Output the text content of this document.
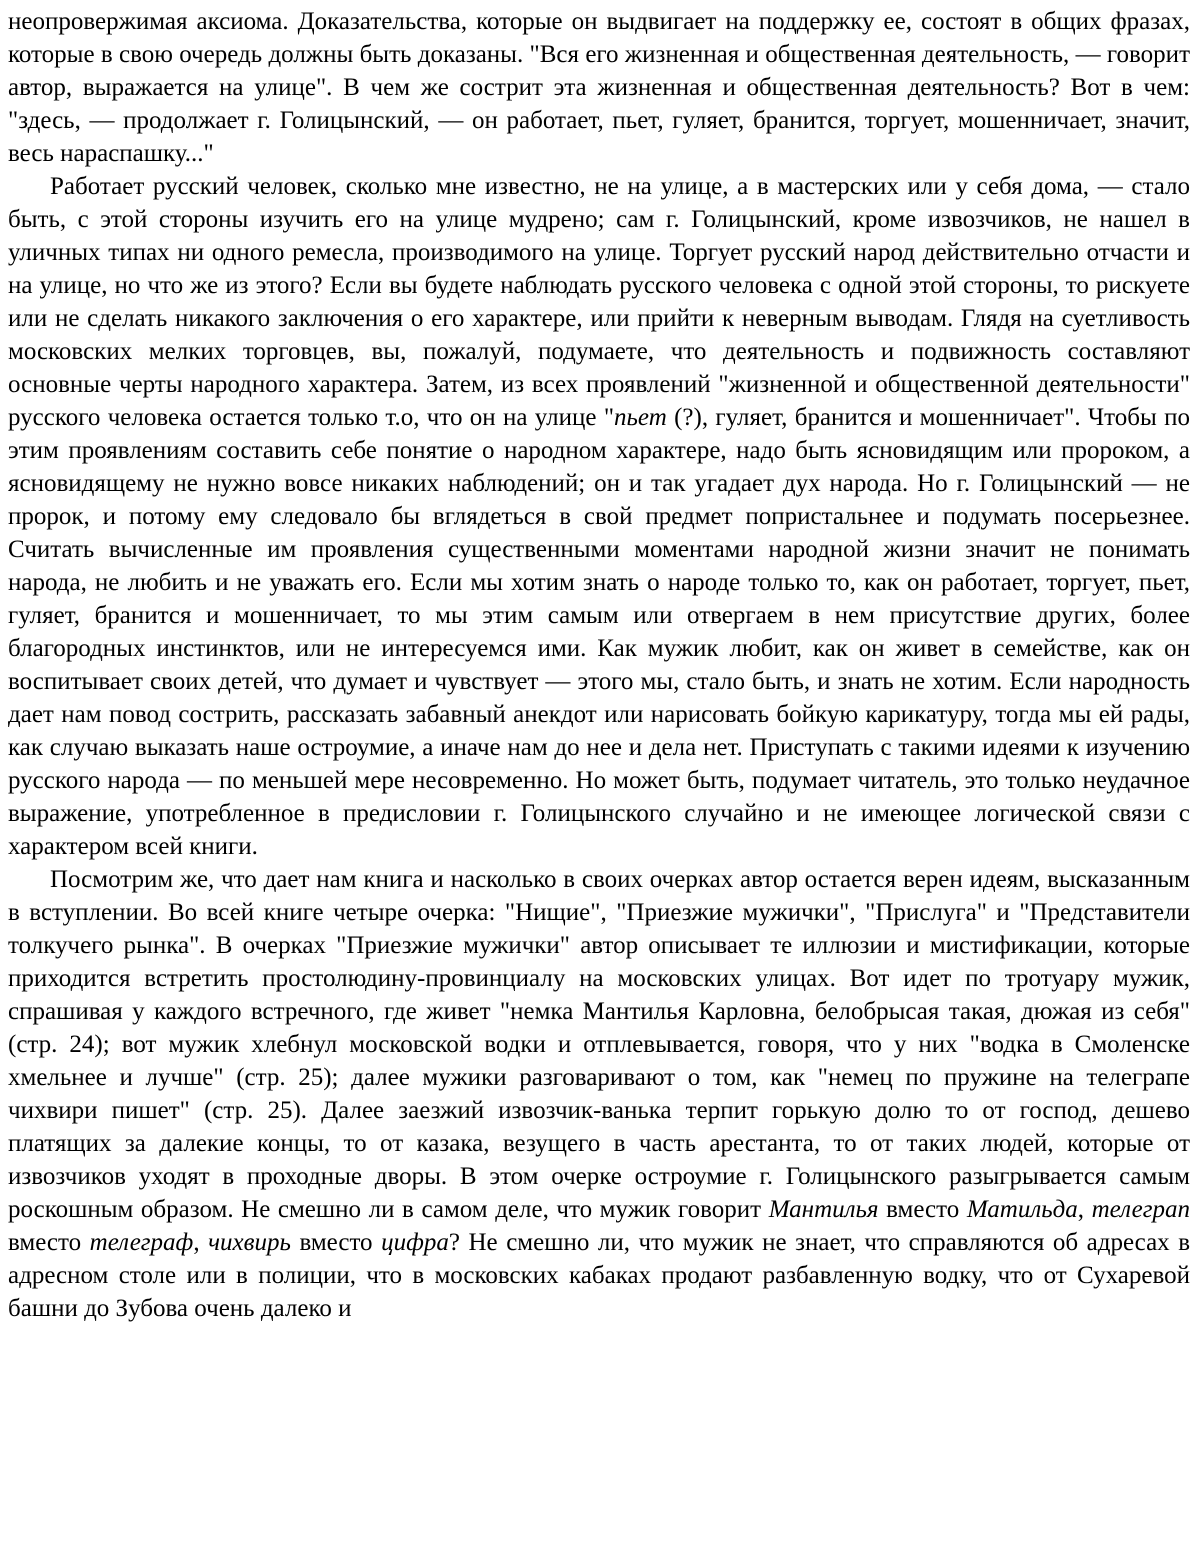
неопровержимая аксиома. Доказательства, которые он выдвигает на поддержку ее, состоят в общих фразах, которые в свою очередь должны быть доказаны. "Вся его жизненная и общественная деятельность, — говорит автор, выражается на улице". В чем же сострит эта жизненная и общественная деятельность? Вот в чем: "здесь, — продолжает г. Голицынский, — он работает, пьет, гуляет, бранится, торгует, мошенничает, значит, весь нараспашку..."

Работает русский человек, сколько мне известно, не на улице, а в мастерских или у себя дома, — стало быть, с этой стороны изучить его на улице мудрено; сам г. Голицынский, кроме извозчиков, не нашел в уличных типах ни одного ремесла, производимого на улице. Торгует русский народ действительно отчасти и на улице, но что же из этого? Если вы будете наблюдать русского человека с одной этой стороны, то рискуете или не сделать никакого заключения о его характере, или прийти к неверным выводам. Глядя на суетливость московских мелких торговцев, вы, пожалуй, подумаете, что деятельность и подвижность составляют основные черты народного характера. Затем, из всех проявлений "жизненной и общественной деятельности" русского человека остается только т.о, что он на улице "пьет (?), гуляет, бранится и мошенничает". Чтобы по этим проявлениям составить себе понятие о народном характере, надо быть ясновидящим или пророком, а ясновидящему не нужно вовсе никаких наблюдений; он и так угадает дух народа. Но г. Голицынский — не пророк, и потому ему следовало бы вглядеться в свой предмет попристальнее и подумать посерьезнее. Считать вычисленные им проявления существенными моментами народной жизни значит не понимать народа, не любить и не уважать его. Если мы хотим знать о народе только то, как он работает, торгует, пьет, гуляет, бранится и мошенничает, то мы этим самым или отвергаем в нем присутствие других, более благородных инстинктов, или не интересуемся ими. Как мужик любит, как он живет в семействе, как он воспитывает своих детей, что думает и чувствует — этого мы, стало быть, и знать не хотим. Если народность дает нам повод сострить, рассказать забавный анекдот или нарисовать бойкую карикатуру, тогда мы ей рады, как случаю выказать наше остроумие, а иначе нам до нее и дела нет. Приступать с такими идеями к изучению русского народа — по меньшей мере несовременно. Но может быть, подумает читатель, это только неудачное выражение, употребленное в предисловии г. Голицынского случайно и не имеющее логической связи с характером всей книги.

Посмотрим же, что дает нам книга и насколько в своих очерках автор остается верен идеям, высказанным в вступлении. Во всей книге четыре очерка: "Нищие", "Приезжие мужички", "Прислуга" и "Представители толкучего рынка". В очерках "Приезжие мужички" автор описывает те иллюзии и мистификации, которые приходится встретить простолюдину-провинциалу на московских улицах. Вот идет по тротуару мужик, спрашивая у каждого встречного, где живет "немка Мантилья Карловна, белобрысая такая, дюжая из себя" (стр. 24); вот мужик хлебнул московской водки и отплевывается, говоря, что у них "водка в Смоленске хмельнее и лучше" (стр. 25); далее мужики разговаривают о том, как "немец по пружине на телеграпе чихвири пишет" (стр. 25). Далее заезжий извозчик-ванька терпит горькую долю то от господ, дешево платящих за далекие концы, то от казака, везущего в часть арестанта, то от таких людей, которые от извозчиков уходят в проходные дворы. В этом очерке остроумие г. Голицынского разыгрывается самым роскошным образом. Не смешно ли в самом деле, что мужик говорит Мантилья вместо Матильда, телеграп вместо телеграф, чихвирь вместо цифра? Не смешно ли, что мужик не знает, что справляются об адресах в адресном столе или в полиции, что в московских кабаках продают разбавленную водку, что от Сухаревой башни до Зубова очень далеко и
